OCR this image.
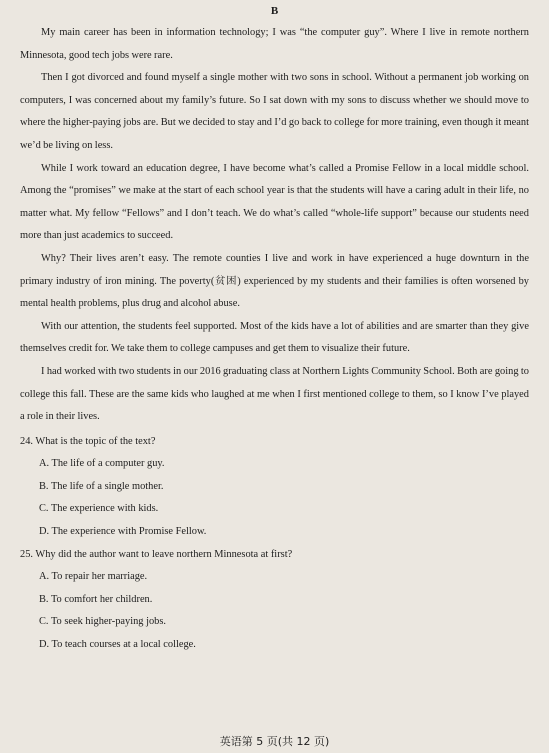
B

My main career has been in information technology; I was “the computer guy”. Where I live in remote northern Minnesota, good tech jobs were rare.

Then I got divorced and found myself a single mother with two sons in school. Without a permanent job working on computers, I was concerned about my family’s future. So I sat down with my sons to discuss whether we should move to where the higher-paying jobs are. But we decided to stay and I’d go back to college for more training, even though it meant we’d be living on less.

While I work toward an education degree, I have become what’s called a Promise Fellow in a local middle school. Among the “promises” we make at the start of each school year is that the students will have a caring adult in their life, no matter what. My fellow “Fellows” and I don’t teach. We do what’s called “whole-life support” because our students need more than just academics to succeed.

Why? Their lives aren’t easy. The remote counties I live and work in have experienced a huge downturn in the primary industry of iron mining. The poverty(贫困) experienced by my students and their families is often worsened by mental health problems, plus drug and alcohol abuse.

With our attention, the students feel supported. Most of the kids have a lot of abilities and are smarter than they give themselves credit for. We take them to college campuses and get them to visualize their future.

I had worked with two students in our 2016 graduating class at Northern Lights Community School. Both are going to college this fall. These are the same kids who laughed at me when I first mentioned college to them, so I know I’ve played a role in their lives.

24. What is the topic of the text?
A. The life of a computer guy.
B. The life of a single mother.
C. The experience with kids.
D. The experience with Promise Fellow.
25. Why did the author want to leave northern Minnesota at first?
A. To repair her marriage.
B. To comfort her children.
C. To seek higher-paying jobs.
D. To teach courses at a local college.
英语第 5 页(共 12 页)
